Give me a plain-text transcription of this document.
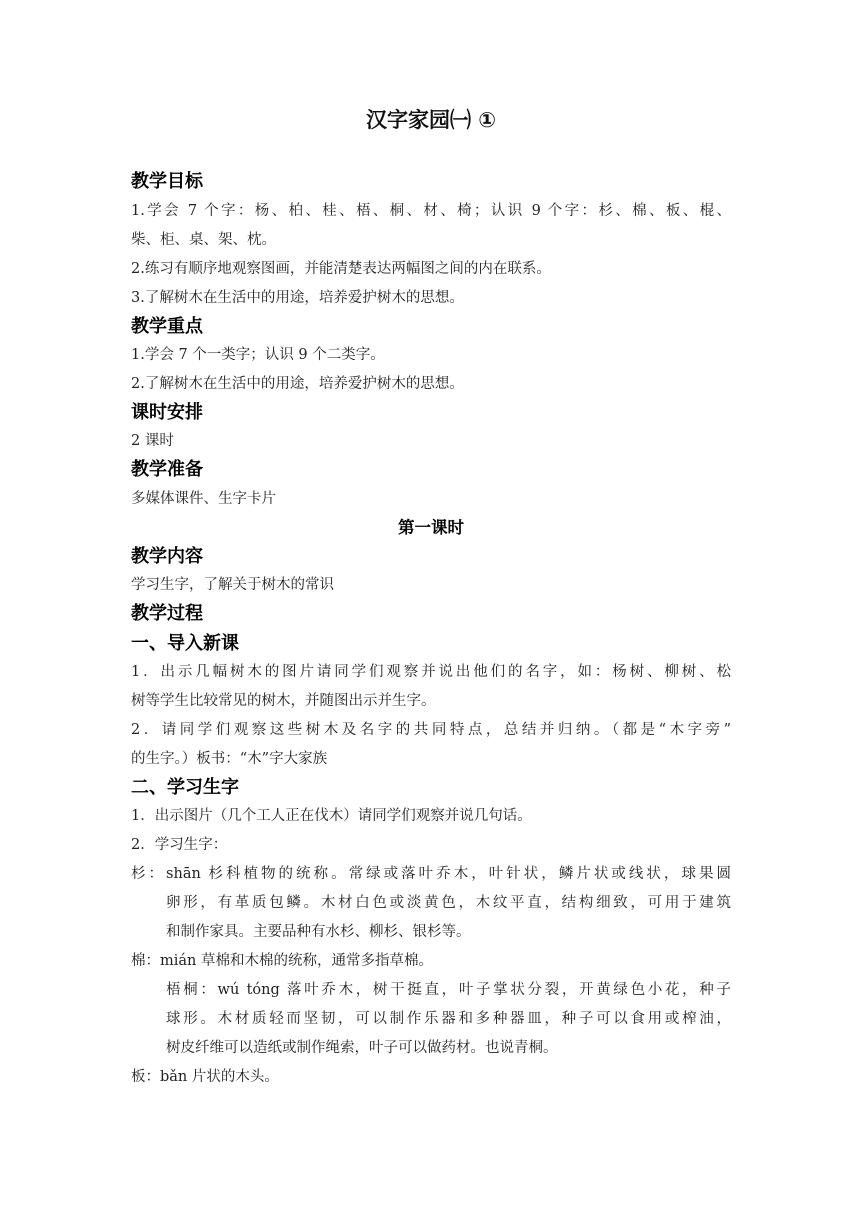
汉字家园㈠ ①
教学目标
1.学会 7 个字：杨、柏、桂、梧、桐、材、椅；认识 9 个字：杉、棉、板、棍、
柴、柜、桌、架、枕。
2.练习有顺序地观察图画，并能清楚表达两幅图之间的内在联系。
3.了解树木在生活中的用途，培养爱护树木的思想。
教学重点
1.学会 7 个一类字；认识 9 个二类字。
2.了解树木在生活中的用途，培养爱护树木的思想。
课时安排
2 课时
教学准备
多媒体课件、生字卡片
第一课时
教学内容
学习生字，了解关于树木的常识
教学过程
一、导入新课
1．出示几幅树木的图片请同学们观察并说出他们的名字，如：杨树、柳树、松
树等学生比较常见的树木，并随图出示并生字。
2．请同学们观察这些树木及名字的共同特点，总结并归纳。（都是“木字旁”
的生字。）板书：“木”字大家族
二、学习生字
1．出示图片（几个工人正在伐木）请同学们观察并说几句话。
2．学习生字：
杉：shān 杉科植物的统称。常绿或落叶乔木，叶针状，鳞片状或线状，球果圆
卵形，有革质包鳞。木材白色或淡黄色，木纹平直，结构细致，可用于建筑
和制作家具。主要品种有水杉、柳杉、银杉等。
棉：mián 草棉和木棉的统称，通常多指草棉。
梧桐：wú tóng 落叶乔木，树干挺直，叶子掌状分裂，开黄绿色小花，种子
球形。木材质轻而坚韧，可以制作乐器和多种器皿，种子可以食用或榨油，
树皮纤维可以造纸或制作绳索，叶子可以做药材。也说青桐。
板：bǎn 片状的木头。
